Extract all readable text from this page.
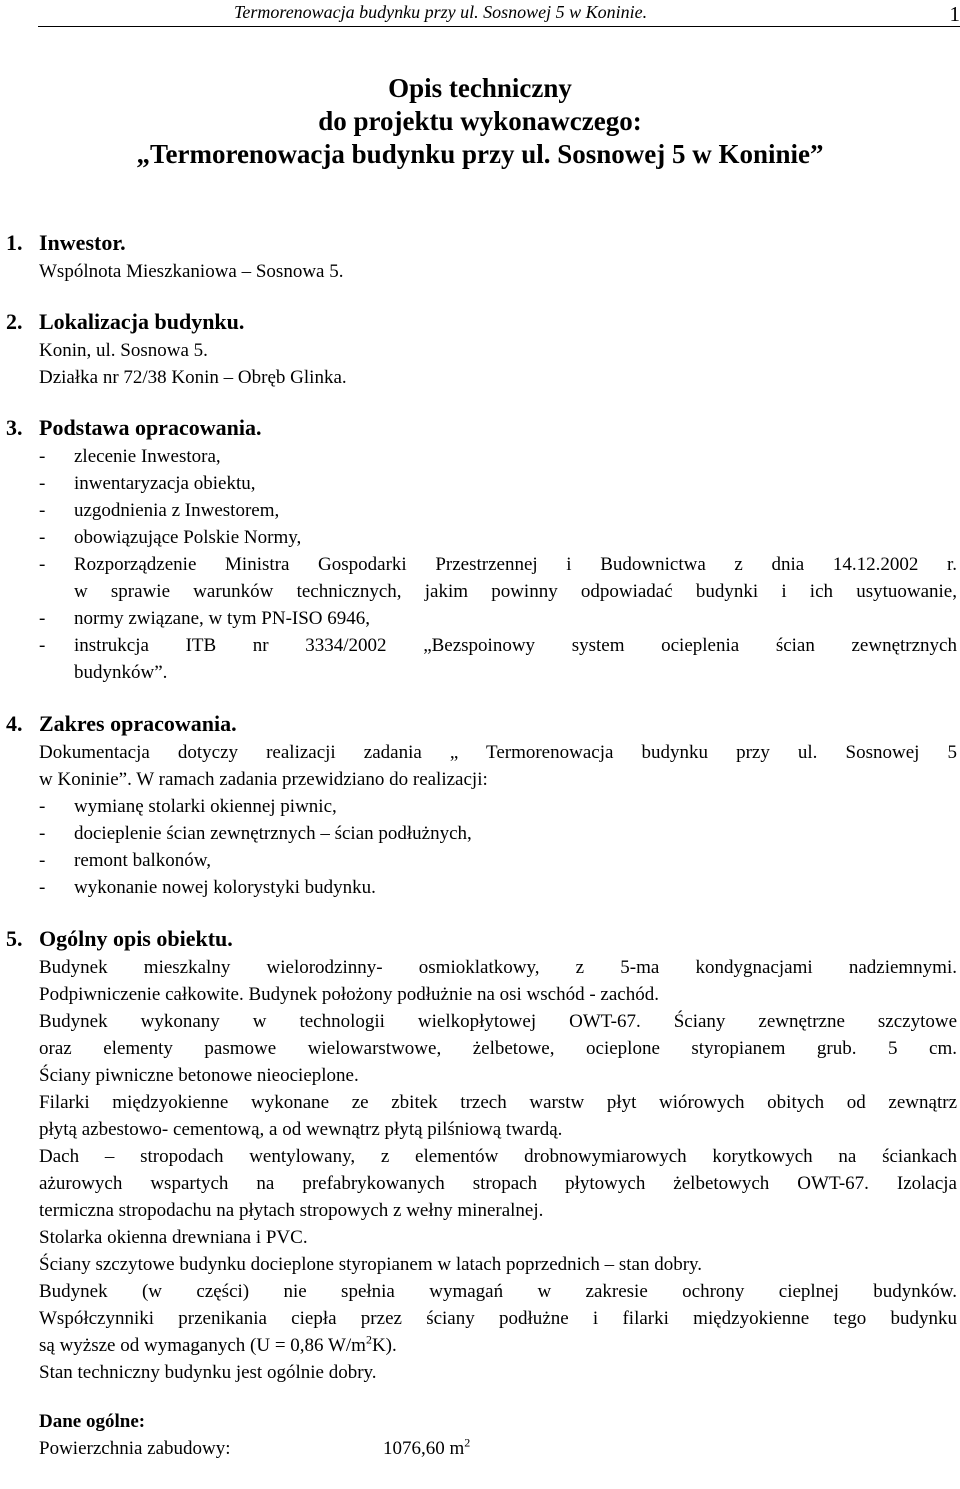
Termorenowacja budynku przy ul. Sosnowej 5 w Koninie.	1
Opis techniczny
do projektu wykonawczego:
„Termorenowacja budynku przy ul. Sosnowej 5 w Koninie”
1. Inwestor.
Wspólnota Mieszkaniowa – Sosnowa 5.
2. Lokalizacja budynku.
Konin, ul. Sosnowa 5.
Działka nr 72/38 Konin – Obręb Glinka.
3. Podstawa opracowania.
- zlecenie Inwestora,
- inwentaryzacja obiektu,
- uzgodnienia z Inwestorem,
- obowiązujące Polskie Normy,
- Rozporządzenie Ministra Gospodarki Przestrzennej i Budownictwa z dnia 14.12.2002 r.
w sprawie warunków technicznych, jakim powinny odpowiadać budynki i ich usytuowanie,
- normy związane, w tym PN-ISO 6946,
- instrukcja ITB nr 3334/2002 „Bezspoinowy system ocieplenia ścian zewnętrznych
budynków”.
4. Zakres opracowania.
Dokumentacja dotyczy realizacji zadania „ Termorenowacja budynku przy ul. Sosnowej 5
w Koninie”. W ramach zadania przewidziano do realizacji:
- wymianę stolarki okiennej piwnic,
- docieplenie ścian zewnętrznych – ścian podłużnych,
- remont balkonów,
- wykonanie nowej kolorystyki budynku.
5. Ogólny opis obiektu.
Budynek mieszkalny wielorodzinny- osmioklatkowy, z 5-ma kondygnacjami nadziemnymi.
Podpiwniczenie całkowite. Budynek położony podłużnie na osi wschód - zachód.
Budynek wykonany w technologii wielkopłytowej OWT-67. Ściany zewnętrzne szczytowe
oraz elementy pasmowe wielowarstwowe, żelbetowe, ocieplone styropianem grub. 5 cm.
Ściany piwniczne betonowe nieocieplone.
Filarki międzyokienne wykonane ze zbitek trzech warstw płyt wiórowych obitych od zewnątrz
płytą azbestowo- cementową, a od wewnątrz płytą pilśniową twardą.
Dach – stropodach wentylowany, z elementów drobnowymiarowych korytkowych na ściankach
ażurowych wspartych na prefabrykowanych stropach płytowych żelbetowych OWT-67. Izolacja
termiczna stropodachu na płytach stropowych z wełny mineralnej.
Stolarka okienna drewniana i PVC.
Ściany szczytowe budynku docieplone styropianem w latach poprzednich – stan dobry.
Budynek (w części) nie spełnia wymagań w zakresie ochrony cieplnej budynków.
Współczynniki przenikania ciepła przez ściany podłużne i filarki międzyokienne tego budynku
są wyższe od wymaganych (U = 0,86 $W/m^2K$).
Stan techniczny budynku jest ogólnie dobry.
Dane ogólne:
Powierzchnia zabudowy:	1076,60 $m^2$
